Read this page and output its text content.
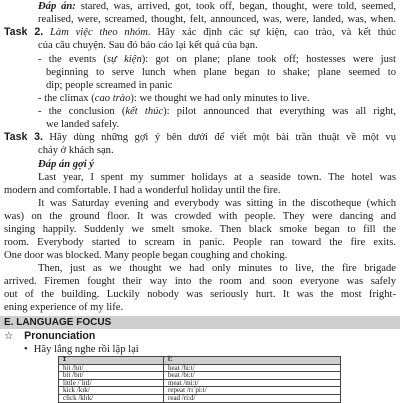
Đáp án: stared, was, arrived, got, took off, began, thought, were told, seemed,
realised, were, screamed, thought, felt, announced, was, were, landed, was, when.
Task 2. Làm việc theo nhóm. Hãy xác định các sự kiện, cao trào, và kết thúc
của câu chuyện. Sau đó báo cáo lại kết quả của bạn.
- the events (sự kiện): got on plane; plane took off; hostesses were just
beginning to serve lunch when plane began to shake; plane seemed to
dip; people screamed in panic
- the climax (cao trào): we thought we had only minutes to live.
- the conclusion (kết thúc): pilot announced that everything was all right,
we landed safely.
Task 3. Hãy dùng những gợi ý bên dưới để viết một bài trần thuật về một vụ
cháy ở khách sạn.
Đáp án gợi ý
Last year, I spent my summer holidays at a seaside town. The hotel was
modern and comfortable. I had a wonderful holiday until the fire.
It was Saturday evening and everybody was sitting in the discotheque (which
was) on the ground floor. It was crowded with people. They were dancing and
singing happily. Suddenly we smelt smoke. Then black smoke began to fill the
room. Everybody started to scream in panic. People ran toward the fire exits.
One door was blocked. Many people began coughing and choking.
Then, just as we thought we had only minutes to live, the fire brigade
arrived. Firemen fought their way into the room and soon everyone was safely
E. LANGUAGE FOCUS
☆ Pronunciation
ɪ	i:
hit /hɪt/	heat /hi:t/
bit /bɪt/	beat /bi:t/
little /ˈlɪtl/	meat /mi:t/
kick /kɪk/	repeat /rɪˈpi:t/
click /klɪk/	read /ri:d/
out of the building. Luckily nobody was seriously hurt. It was the most fright-
ening experience of my life.
• Hãy lắng nghe rồi lặp lại
